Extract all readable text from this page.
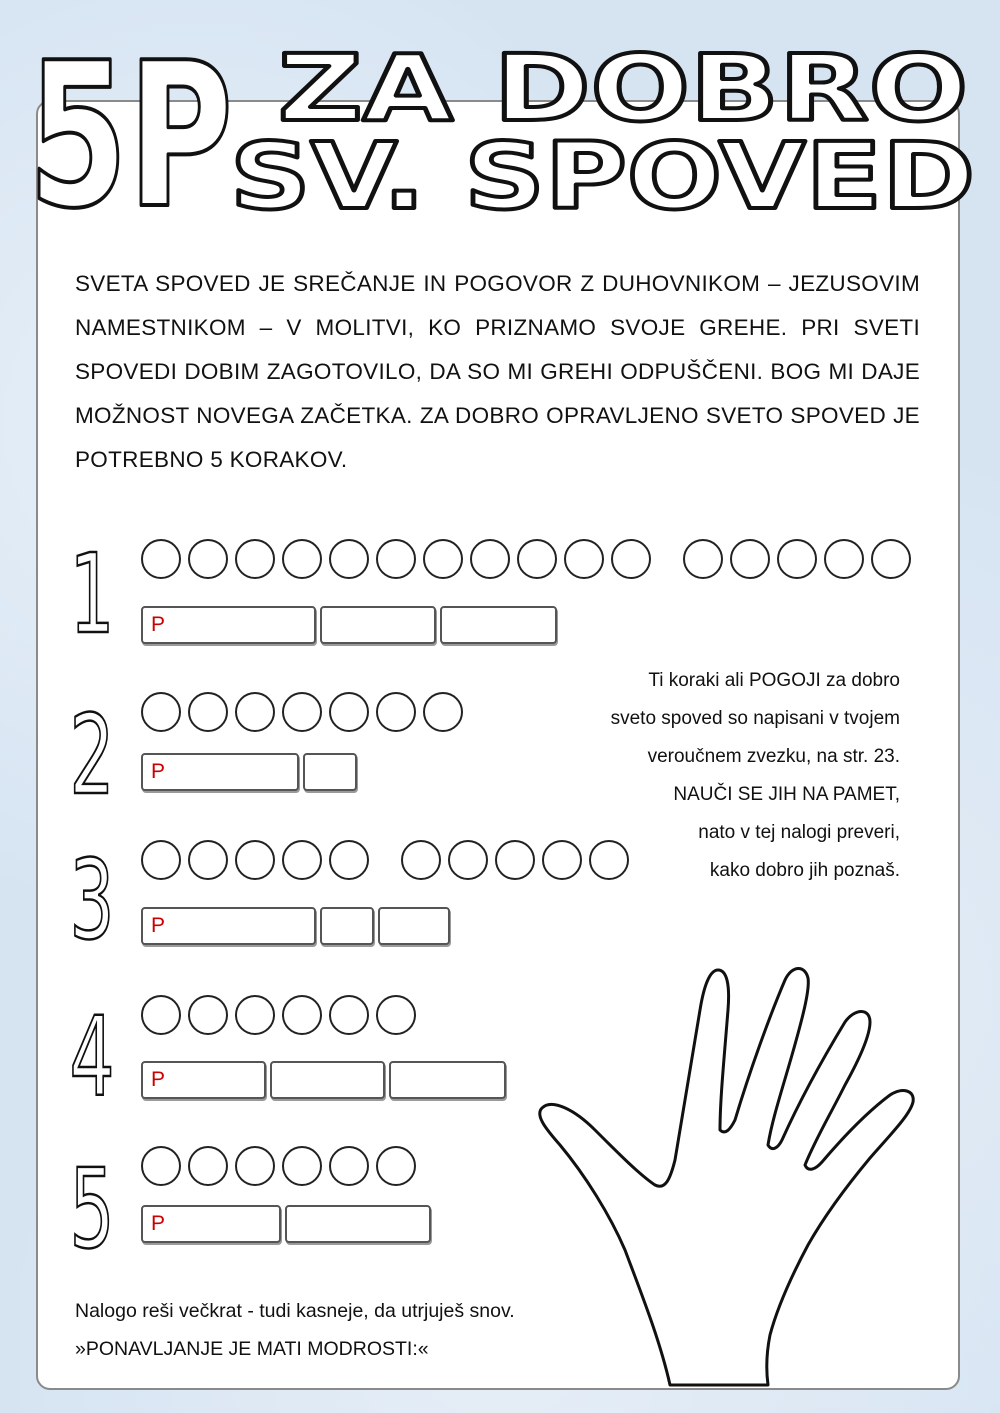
5P ZA DOBRO
SV. SPOVED
SVETA SPOVED JE SREČANJE IN POGOVOR Z DUHOVNIKOM – JEZUSOVIM NAMESTNIKOM – V MOLITVI, KO PRIZNAMO SVOJE GREHE. PRI SVETI SPOVEDI DOBIM ZAGOTOVILO, DA SO MI GREHI ODPUŠČENI. BOG MI DAJE MOŽNOST NOVEGA ZAČETKA. ZA DOBRO OPRAVLJENO SVETO SPOVED JE POTREBNO 5 KORAKOV.
1
2
3
4
5
P
P
P
P
P
Ti koraki ali POGOJI za dobro
sveto spoved so napisani v tvojem
veroučnem zvezku, na str. 23.
NAUČI SE JIH NA PAMET,
nato v tej nalogi preveri,
kako dobro jih poznaš.
Nalogo reši večkrat - tudi kasneje, da utrjuješ snov.
»PONAVLJANJE JE MATI MODROSTI:«
